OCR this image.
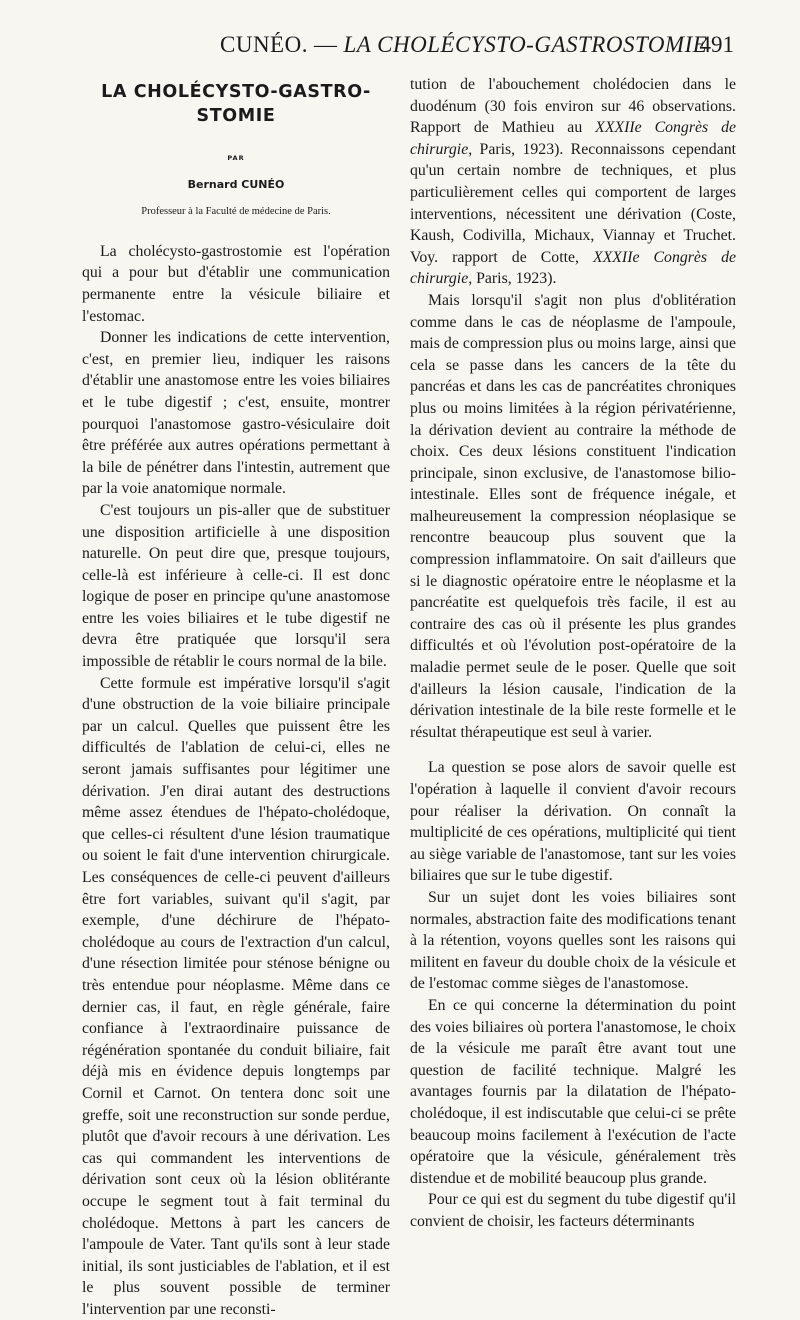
CUNÉO. — LA CHOLÉCYSTO-GASTROSTOMIE
491
LA CHOLÉCYSTO-GASTRO-STOMIE
PAR
Bernard CUNÉO
Professeur à la Faculté de médecine de Paris.

La cholécysto-gastrostomie est l'opération qui a pour but d'établir une communication permanente entre la vésicule biliaire et l'estomac.

Donner les indications de cette intervention, c'est, en premier lieu, indiquer les raisons d'établir une anastomose entre les voies biliaires et le tube digestif ; c'est, ensuite, montrer pourquoi l'anastomose gastro-vésiculaire doit être préférée aux autres opérations permettant à la bile de pénétrer dans l'intestin, autrement que par la voie anatomique normale.

C'est toujours un pis-aller que de substituer une disposition artificielle à une disposition naturelle. On peut dire que, presque toujours, celle-là est inférieure à celle-ci. Il est donc logique de poser en principe qu'une anastomose entre les voies biliaires et le tube digestif ne devra être pratiquée que lorsqu'il sera impossible de rétablir le cours normal de la bile.

Cette formule est impérative lorsqu'il s'agit d'une obstruction de la voie biliaire principale par un calcul. Quelles que puissent être les difficultés de l'ablation de celui-ci, elles ne seront jamais suffisantes pour légitimer une dérivation. J'en dirai autant des destructions même assez étendues de l'hépato-cholédoque, que celles-ci résultent d'une lésion traumatique ou soient le fait d'une intervention chirurgicale. Les conséquences de celle-ci peuvent d'ailleurs être fort variables, suivant qu'il s'agit, par exemple, d'une déchirure de l'hépato-cholédoque au cours de l'extraction d'un calcul, d'une résection limitée pour sténose bénigne ou très entendue pour néoplasme. Même dans ce dernier cas, il faut, en règle générale, faire confiance à l'extraordinaire puissance de régénération spontanée du conduit biliaire, fait déjà mis en évidence depuis longtemps par Cornil et Carnot. On tentera donc soit une greffe, soit une reconstruction sur sonde perdue, plutôt que d'avoir recours à une dérivation. Les cas qui commandent les interventions de dérivation sont ceux où la lésion oblitérante occupe le segment tout à fait terminal du cholédoque. Mettons à part les cancers de l'ampoule de Vater. Tant qu'ils sont à leur stade initial, ils sont justiciables de l'ablation, et il est le plus souvent possible de terminer l'intervention par une reconsti-

tution de l'abouchement cholédocien dans le duodénum (30 fois environ sur 46 observations. Rapport de Mathieu au XXXIIe Congrès de chirurgie, Paris, 1923). Reconnaissons cependant qu'un certain nombre de techniques, et plus particulièrement celles qui comportent de larges interventions, nécessitent une dérivation (Coste, Kaush, Codivilla, Michaux, Viannay et Truchet. Voy. rapport de Cotte, XXXIIe Congrès de chirurgie, Paris, 1923).

Mais lorsqu'il s'agit non plus d'oblitération comme dans le cas de néoplasme de l'ampoule, mais de compression plus ou moins large, ainsi que cela se passe dans les cancers de la tête du pancréas et dans les cas de pancréatites chroniques plus ou moins limitées à la région périvatérienne, la dérivation devient au contraire la méthode de choix. Ces deux lésions constituent l'indication principale, sinon exclusive, de l'anastomose bilio-intestinale. Elles sont de fréquence inégale, et malheureusement la compression néoplasique se rencontre beaucoup plus souvent que la compression inflammatoire. On sait d'ailleurs que si le diagnostic opératoire entre le néoplasme et la pancréatite est quelquefois très facile, il est au contraire des cas où il présente les plus grandes difficultés et où l'évolution post-opératoire de la maladie permet seule de le poser. Quelle que soit d'ailleurs la lésion causale, l'indication de la dérivation intestinale de la bile reste formelle et le résultat thérapeutique est seul à varier.

La question se pose alors de savoir quelle est l'opération à laquelle il convient d'avoir recours pour réaliser la dérivation. On connaît la multiplicité de ces opérations, multiplicité qui tient au siège variable de l'anastomose, tant sur les voies biliaires que sur le tube digestif.

Sur un sujet dont les voies biliaires sont normales, abstraction faite des modifications tenant à la rétention, voyons quelles sont les raisons qui militent en faveur du double choix de la vésicule et de l'estomac comme sièges de l'anastomose.

En ce qui concerne la détermination du point des voies biliaires où portera l'anastomose, le choix de la vésicule me paraît être avant tout une question de facilité technique. Malgré les avantages fournis par la dilatation de l'hépato-cholédoque, il est indiscutable que celui-ci se prête beaucoup moins facilement à l'exécution de l'acte opératoire que la vésicule, généralement très distendue et de mobilité beaucoup plus grande.

Pour ce qui est du segment du tube digestif qu'il convient de choisir, les facteurs déterminants
